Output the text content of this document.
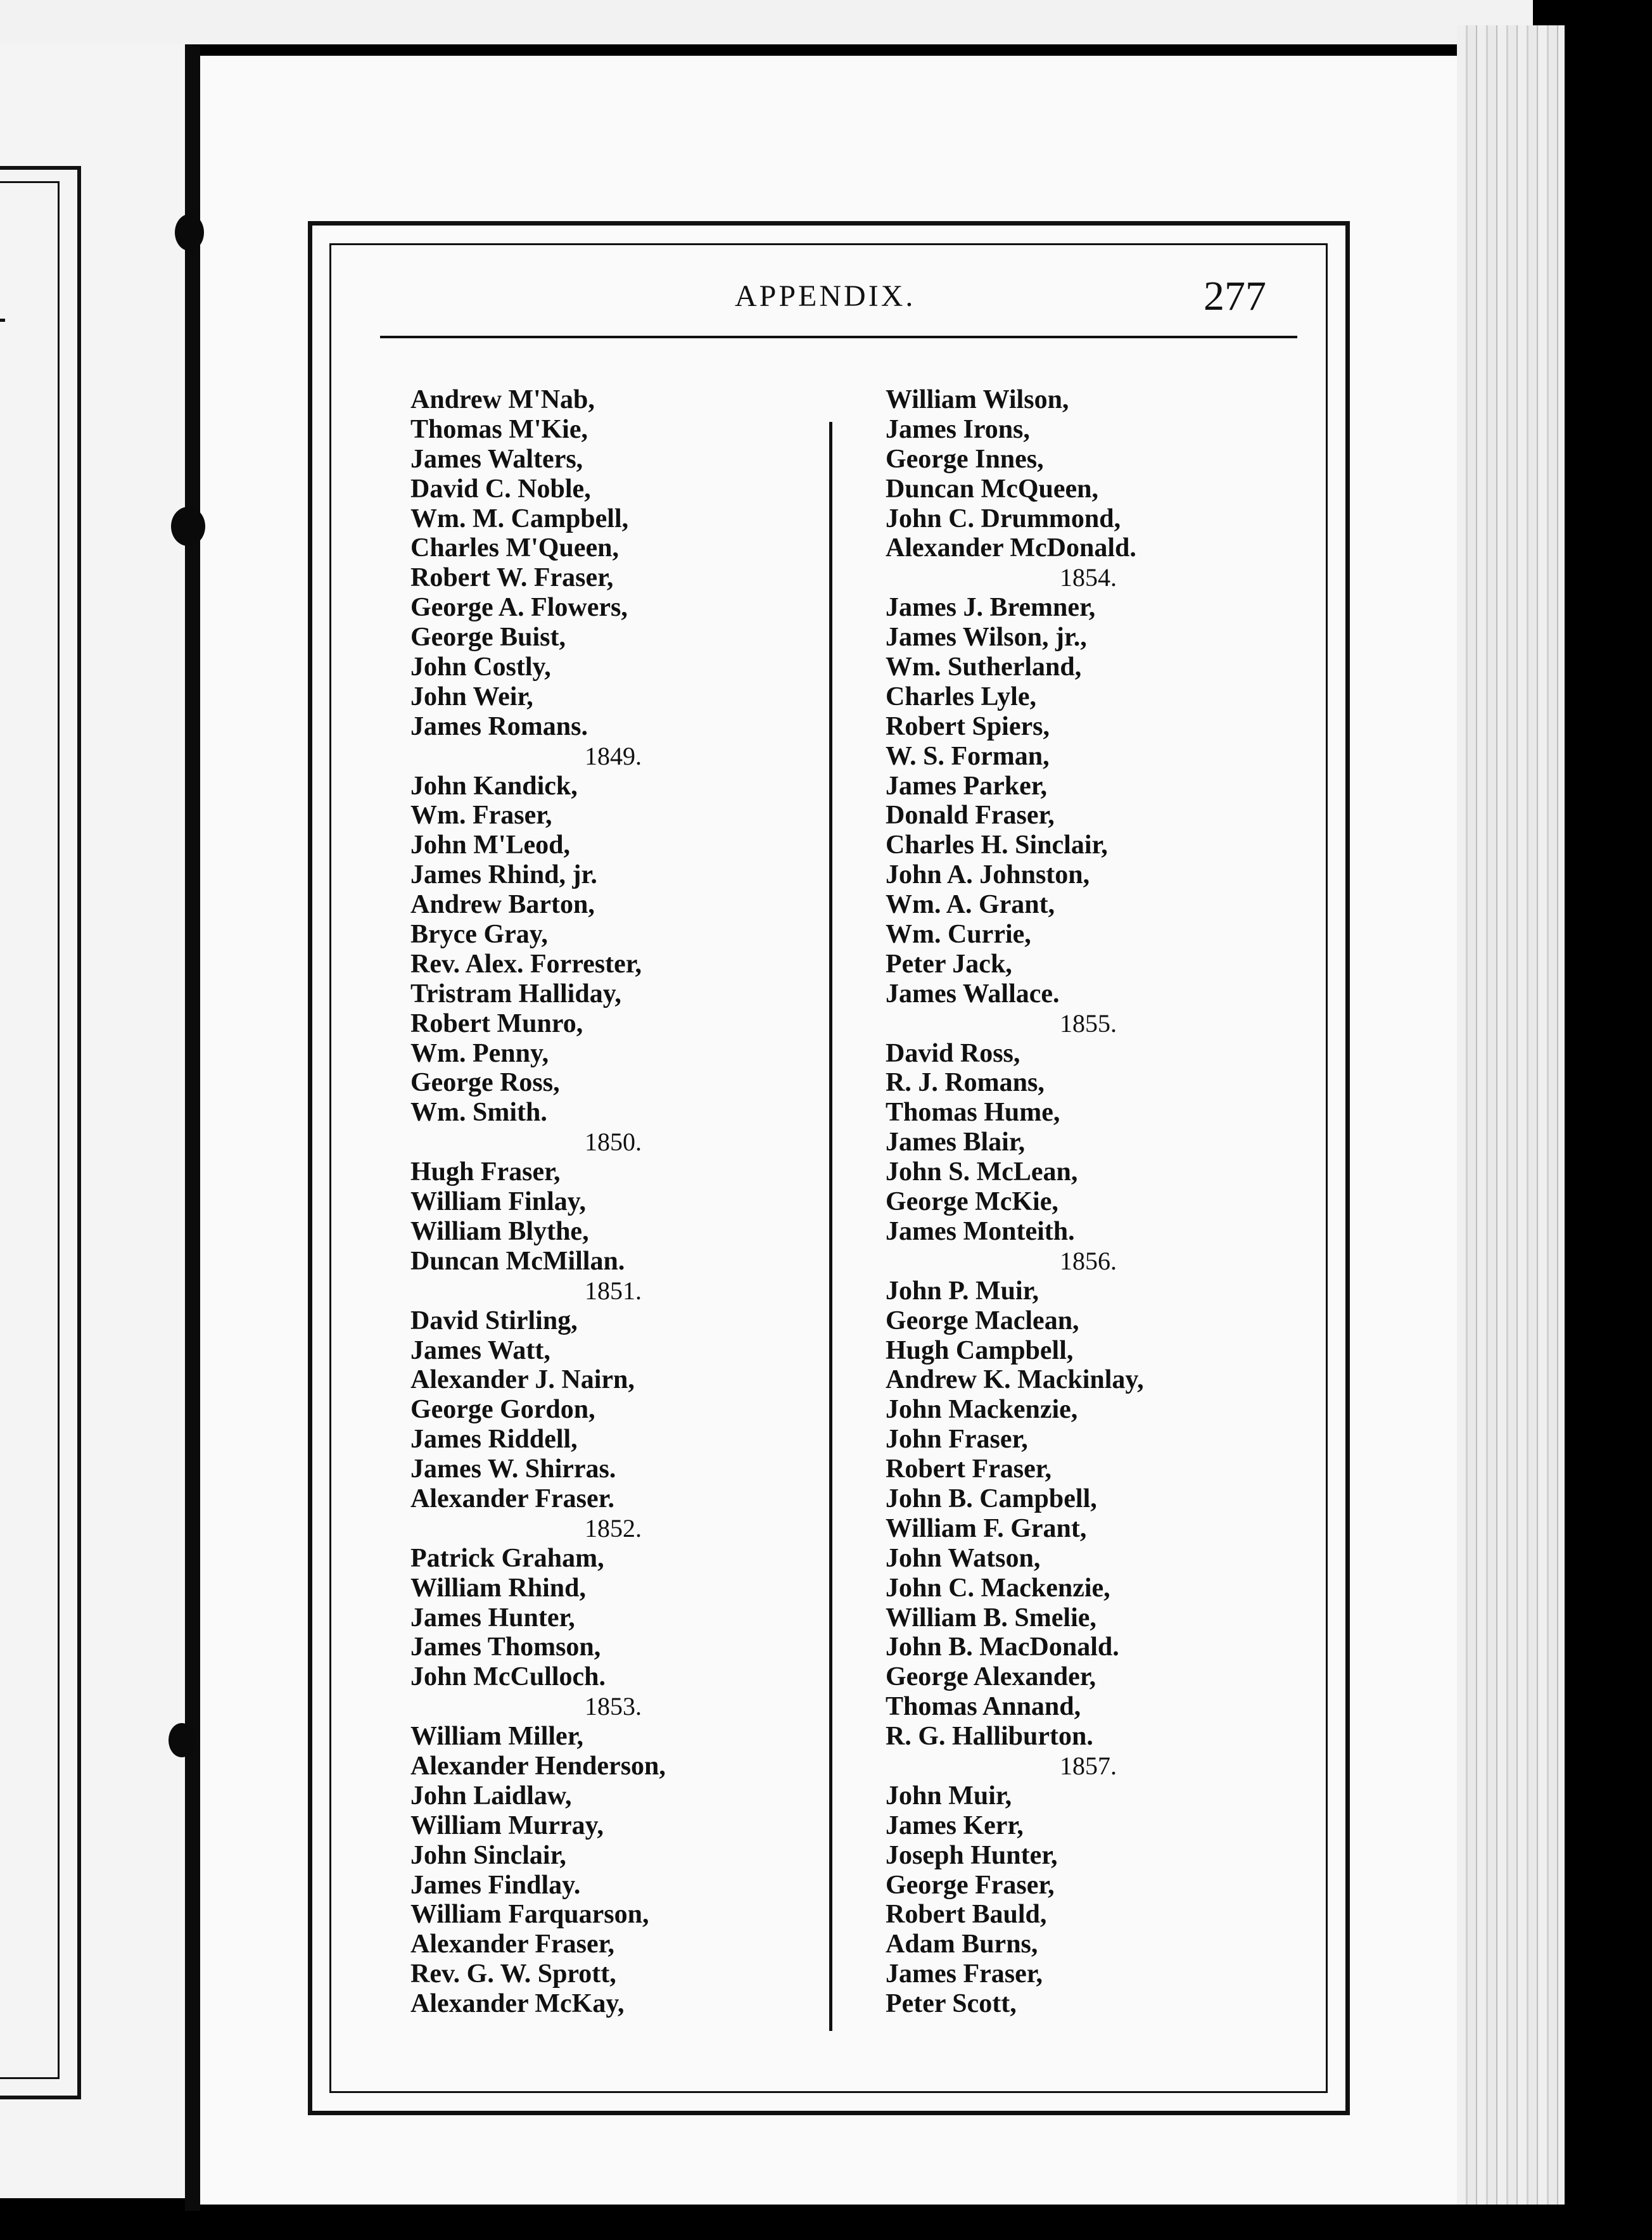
APPENDIX.	277
Andrew M'Nab,
Thomas M'Kie,
James Walters,
David C. Noble,
Wm. M. Campbell,
Charles M'Queen,
Robert W. Fraser,
George A. Flowers,
George Buist,
John Costly,
John Weir,
James Romans.
1849.
John Kandick,
Wm. Fraser,
John M'Leod,
James Rhind, jr.
Andrew Barton,
Bryce Gray,
Rev. Alex. Forrester,
Tristram Halliday,
Robert Munro,
Wm. Penny,
George Ross,
Wm. Smith.
1850.
Hugh Fraser,
William Finlay,
William Blythe,
Duncan McMillan.
1851.
David Stirling,
James Watt,
Alexander J. Nairn,
George Gordon,
James Riddell,
James W. Shirras.
Alexander Fraser.
1852.
Patrick Graham,
William Rhind,
James Hunter,
James Thomson,
John McCulloch.
1853.
William Miller,
Alexander Henderson,
John Laidlaw,
William Murray,
John Sinclair,
James Findlay.
William Farquarson,
Alexander Fraser,
Rev. G. W. Sprott,
Alexander McKay,
William Wilson,
James Irons,
George Innes,
Duncan McQueen,
John C. Drummond,
Alexander McDonald.
1854.
James J. Bremner,
James Wilson, jr.,
Wm. Sutherland,
Charles Lyle,
Robert Spiers,
W. S. Forman,
James Parker,
Donald Fraser,
Charles H. Sinclair,
John A. Johnston,
Wm. A. Grant,
Wm. Currie,
Peter Jack,
James Wallace.
1855.
David Ross,
R. J. Romans,
Thomas Hume,
James Blair,
John S. McLean,
George McKie,
James Monteith.
1856.
John P. Muir,
George Maclean,
Hugh Campbell,
Andrew K. Mackinlay,
John Mackenzie,
John Fraser,
Robert Fraser,
John B. Campbell,
William F. Grant,
John Watson,
John C. Mackenzie,
William B. Smelie,
John B. MacDonald.
George Alexander,
Thomas Annand,
R. G. Halliburton.
1857.
John Muir,
James Kerr,
Joseph Hunter,
George Fraser,
Robert Bauld,
Adam Burns,
James Fraser,
Peter Scott,
